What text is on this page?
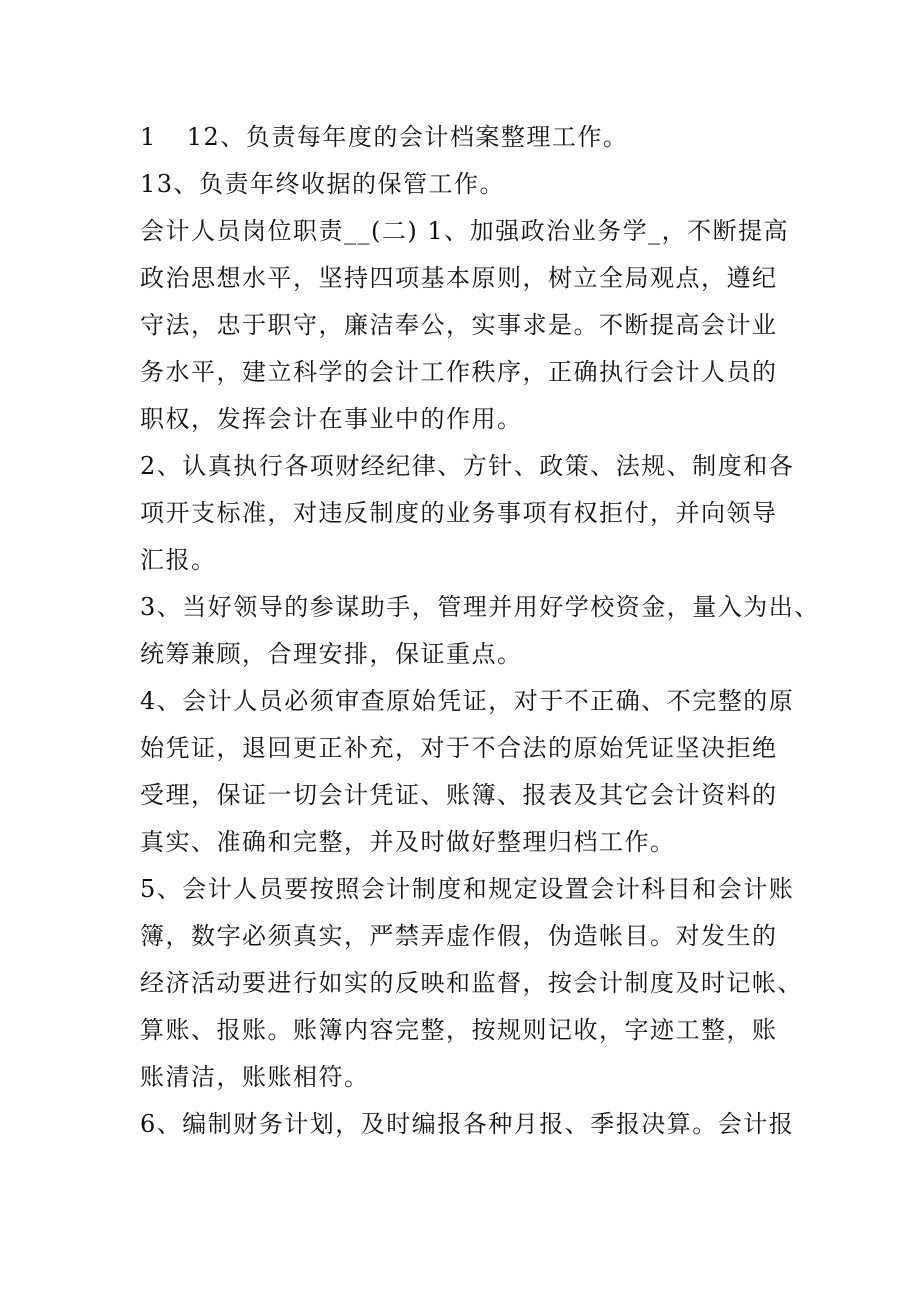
1 12、负责每年度的会计档案整理工作。
13、负责年终收据的保管工作。
会计人员岗位职责__(二) 1、加强政治业务学_，不断提高
政治思想水平，坚持四项基本原则，树立全局观点，遵纪
守法，忠于职守，廉洁奉公，实事求是。不断提高会计业
务水平，建立科学的会计工作秩序，正确执行会计人员的
职权，发挥会计在事业中的作用。
2、认真执行各项财经纪律、方针、政策、法规、制度和各
项开支标准，对违反制度的业务事项有权拒付，并向领导
汇报。
3、当好领导的参谋助手，管理并用好学校资金，量入为出、
统筹兼顾，合理安排，保证重点。
4、会计人员必须审查原始凭证，对于不正确、不完整的原
始凭证，退回更正补充，对于不合法的原始凭证坚决拒绝
受理，保证一切会计凭证、账簿、报表及其它会计资料的
真实、准确和完整，并及时做好整理归档工作。
5、会计人员要按照会计制度和规定设置会计科目和会计账
簿，数字必须真实，严禁弄虚作假，伪造帐目。对发生的
经济活动要进行如实的反映和监督，按会计制度及时记帐、
算账、报账。账簿内容完整，按规则记收，字迹工整，账
账清洁，账账相符。
6、编制财务计划，及时编报各种月报、季报决算。会计报
